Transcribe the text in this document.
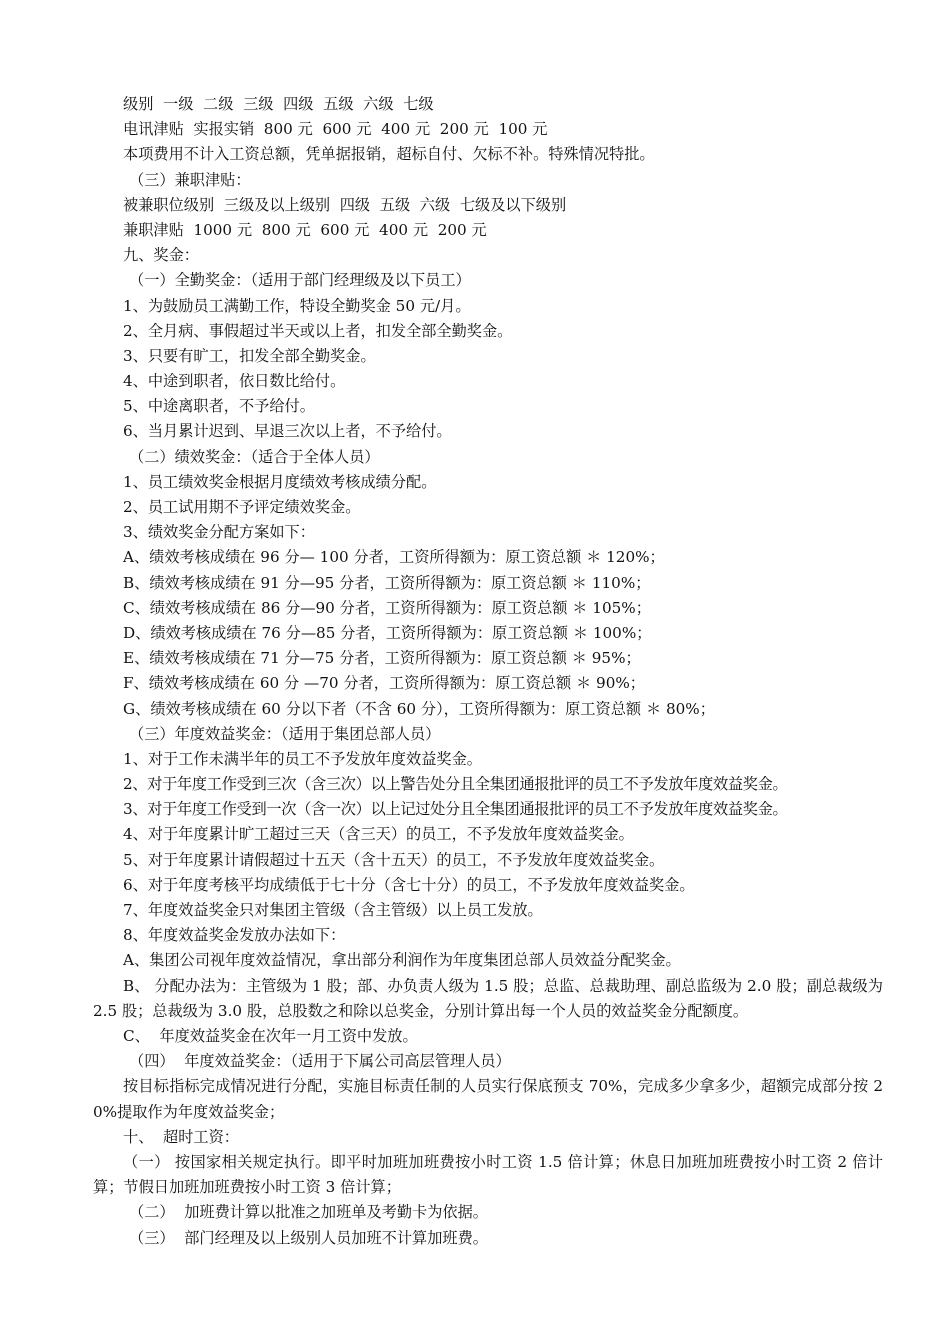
级别  一级  二级  三级  四级  五级  六级  七级
电讯津贴  实报实销  800 元  600 元  400 元  200 元  100 元
本项费用不计入工资总额，凭单据报销，超标自付、欠标不补。特殊情况特批。
（三）兼职津贴：
被兼职位级别  三级及以上级别  四级  五级  六级  七级及以下级别
兼职津贴  1000 元  800 元  600 元  400 元  200 元
九、奖金：
（一）全勤奖金：（适用于部门经理级及以下员工）
1、为鼓励员工满勤工作，特设全勤奖金 50 元/月。
2、全月病、事假超过半天或以上者，扣发全部全勤奖金。
3、只要有旷工，扣发全部全勤奖金。
4、中途到职者，依日数比给付。
5、中途离职者，不予给付。
6、当月累计迟到、早退三次以上者，不予给付。
（二）绩效奖金：（适合于全体人员）
1、员工绩效奖金根据月度绩效考核成绩分配。
2、员工试用期不予评定绩效奖金。
3、绩效奖金分配方案如下：
A、绩效考核成绩在 96 分— 100 分者，工资所得额为：原工资总额 ＊ 120%；
B、绩效考核成绩在 91 分—95 分者，工资所得额为：原工资总额 ＊ 110%；
C、绩效考核成绩在 86 分—90 分者，工资所得额为：原工资总额 ＊ 105%；
D、绩效考核成绩在 76 分—85 分者，工资所得额为：原工资总额 ＊ 100%；
E、绩效考核成绩在 71 分—75 分者，工资所得额为：原工资总额 ＊ 95%；
F、绩效考核成绩在 60 分 —70 分者，工资所得额为：原工资总额 ＊ 90%；
G、绩效考核成绩在 60 分以下者（不含 60 分），工资所得额为：原工资总额 ＊ 80%；
（三）年度效益奖金：（适用于集团总部人员）
1、对于工作未满半年的员工不予发放年度效益奖金。
2、对于年度工作受到三次（含三次）以上警告处分且全集团通报批评的员工不予发放年度效益奖金。
3、对于年度工作受到一次（含一次）以上记过处分且全集团通报批评的员工不予发放年度效益奖金。
4、对于年度累计旷工超过三天（含三天）的员工，不予发放年度效益奖金。
5、对于年度累计请假超过十五天（含十五天）的员工，不予发放年度效益奖金。
6、对于年度考核平均成绩低于七十分（含七十分）的员工，不予发放年度效益奖金。
7、年度效益奖金只对集团主管级（含主管级）以上员工发放。
8、年度效益奖金发放办法如下：
A、集团公司视年度效益情况，拿出部分利润作为年度集团总部人员效益分配奖金。
B、 分配办法为：主管级为 1 股；部、办负责人级为 1.5 股；总监、总裁助理、副总监级为 2.0 股；副总裁级为 2.5 股；总裁级为 3.0 股，总股数之和除以总奖金，分别计算出每一个人员的效益奖金分配额度。
C、  年度效益奖金在次年一月工资中发放。
（四）  年度效益奖金：（适用于下属公司高层管理人员）
按目标指标完成情况进行分配，实施目标责任制的人员实行保底预支 70%，完成多少拿多少，超额完成部分按 20%提取作为年度效益奖金；
十、  超时工资：
（一） 按国家相关规定执行。即平时加班加班费按小时工资 1.5 倍计算；休息日加班加班费按小时工资 2 倍计算；节假日加班加班费按小时工资 3 倍计算；
（二）  加班费计算以批准之加班单及考勤卡为依据。
（三）  部门经理及以上级别人员加班不计算加班费。
